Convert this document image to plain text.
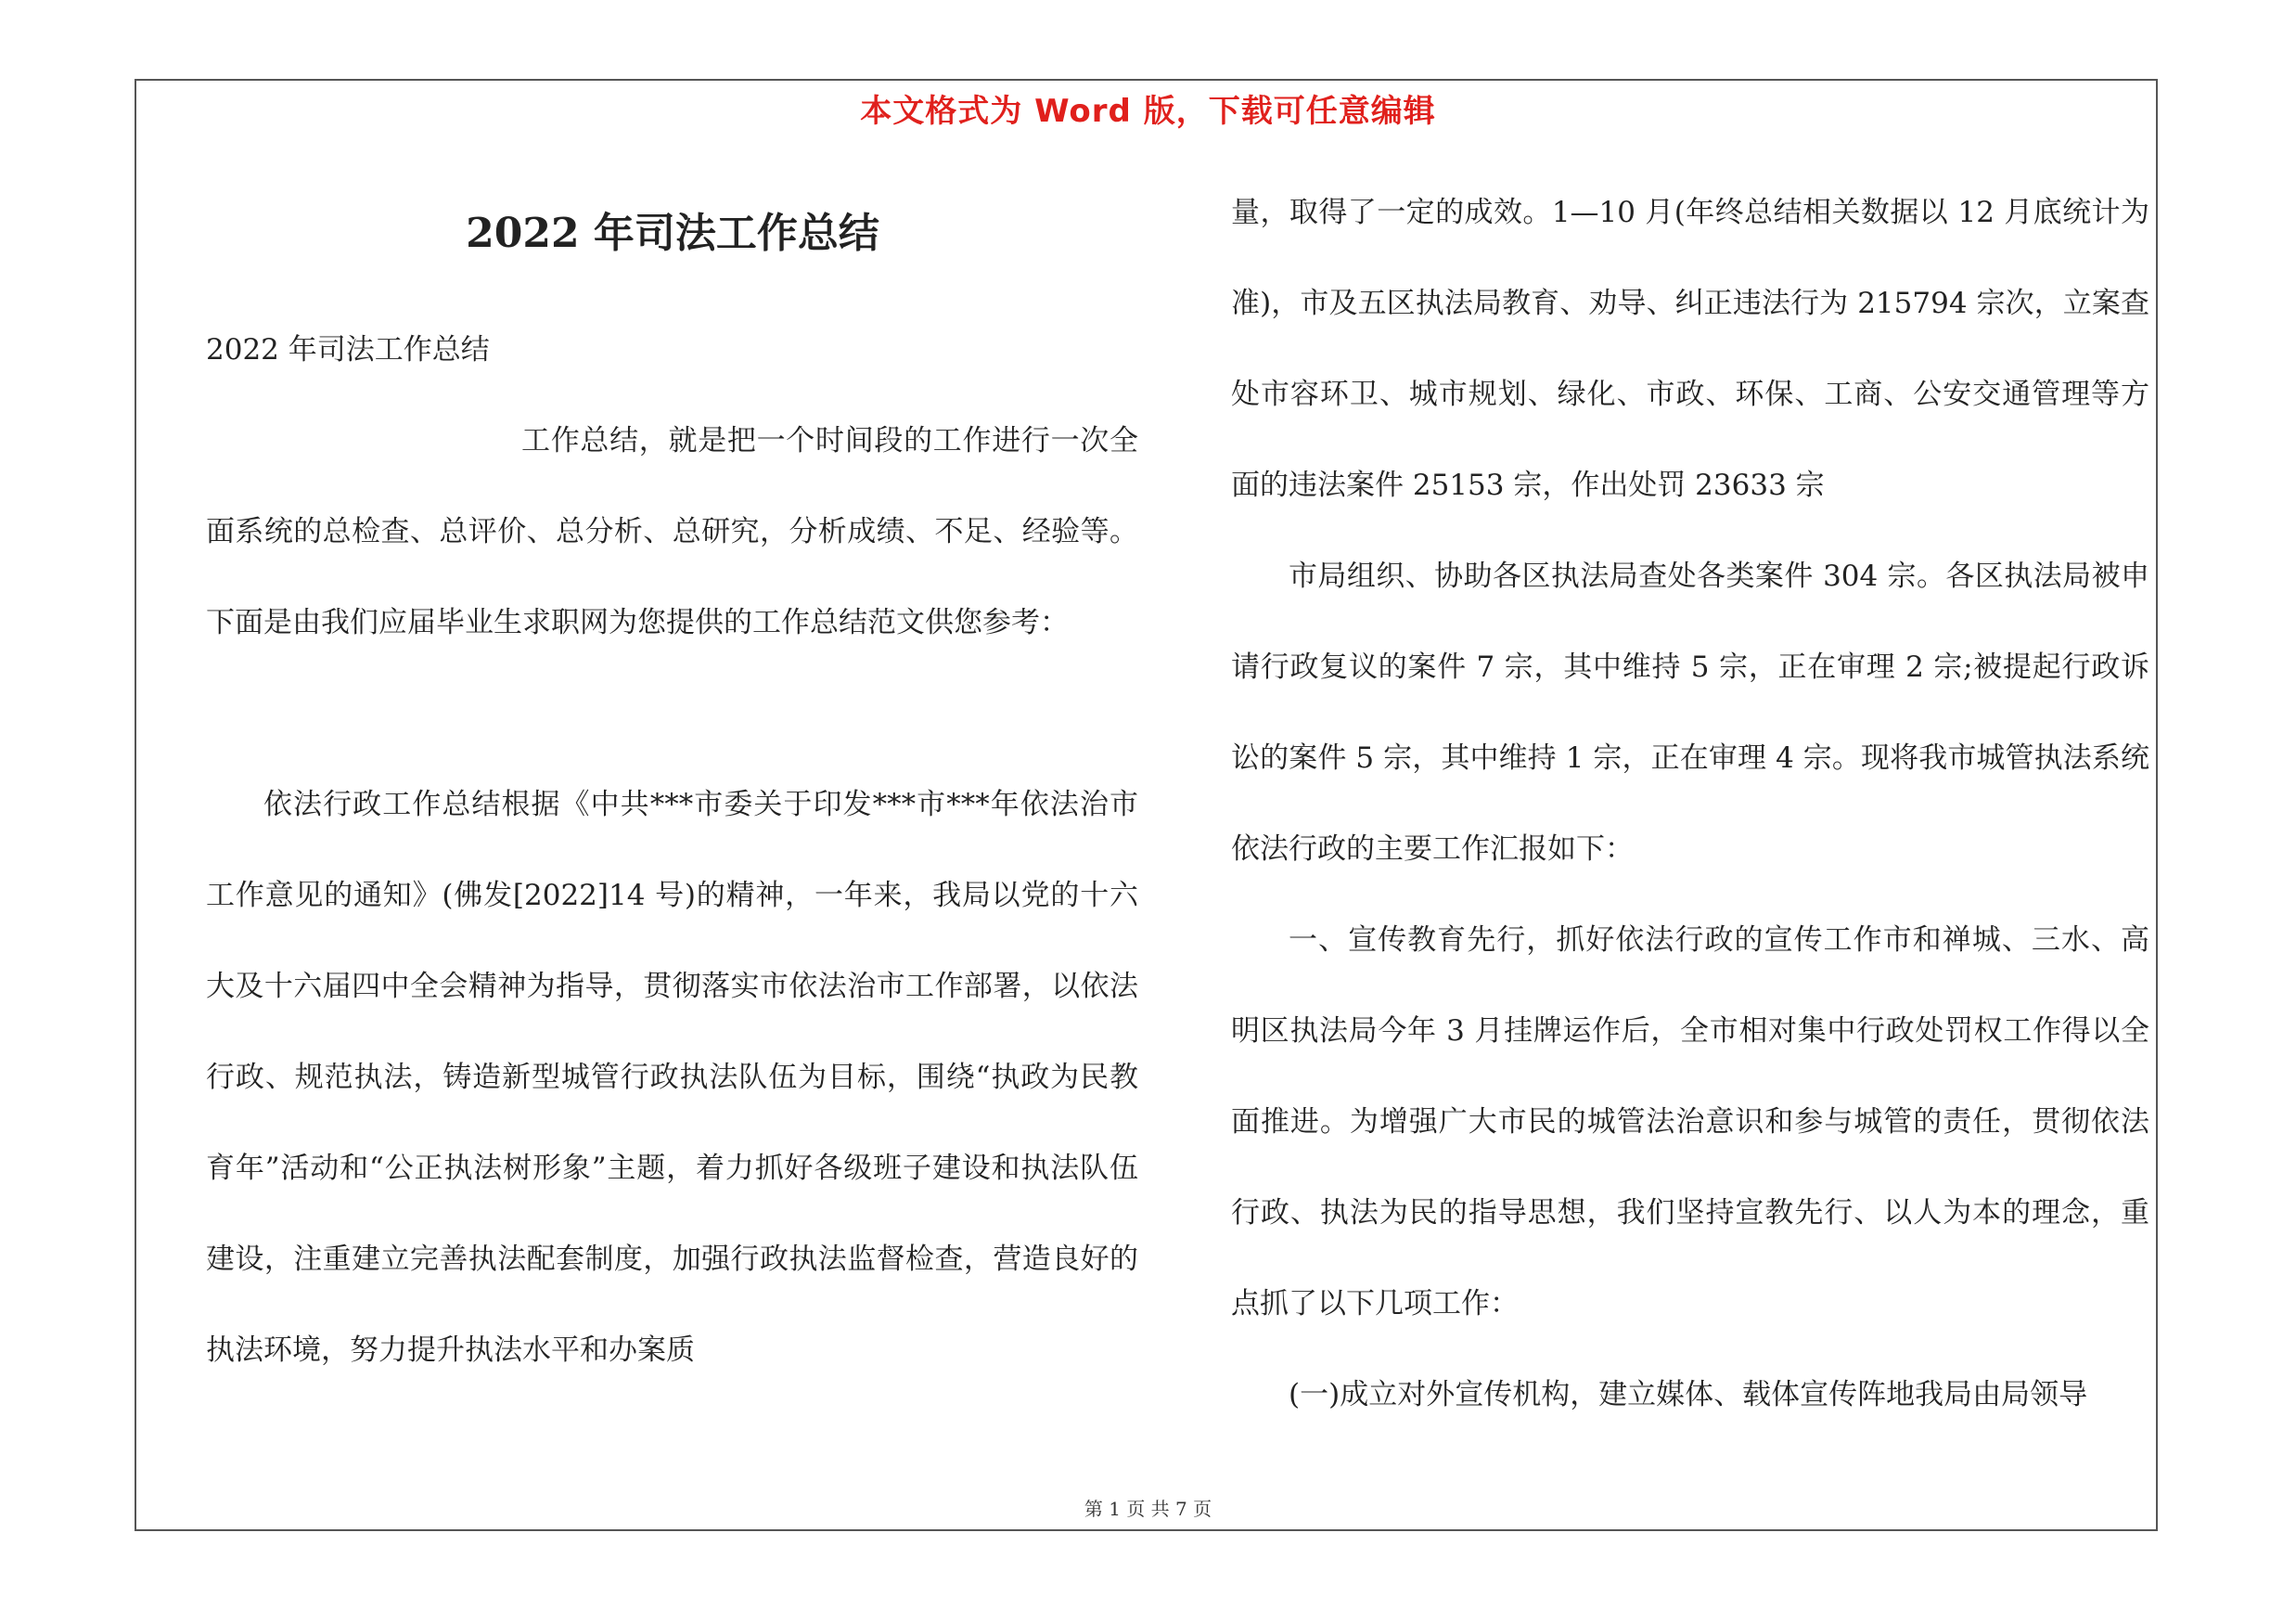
本文格式为 Word 版，下载可任意编辑
2022 年司法工作总结

2022 年司法工作总结

工作总结，就是把一个时间段的工作进行一次全面系统的总检查、总评价、总分析、总研究，分析成绩、不足、经验等。下面是由我们应届毕业生求职网为您提供的工作总结范文供您参考：

依法行政工作总结根据《中共***市委关于印发***市***年依法治市工作意见的通知》(佛发[2022]14 号)的精神，一年来，我局以党的十六大及十六届四中全会精神为指导，贯彻落实市依法治市工作部署，以依法行政、规范执法，铸造新型城管行政执法队伍为目标，围绕“执政为民教育年”活动和“公正执法树形象”主题，着力抓好各级班子建设和执法队伍建设，注重建立完善执法配套制度，加强行政执法监督检查，营造良好的执法环境，努力提升执法水平和办案质

量，取得了一定的成效。1—10 月(年终总结相关数据以 12 月底统计为准)，市及五区执法局教育、劝导、纠正违法行为 215794 宗次，立案查处市容环卫、城市规划、绿化、市政、环保、工商、公安交通管理等方面的违法案件 25153 宗，作出处罚 23633 宗

市局组织、协助各区执法局查处各类案件 304 宗。各区执法局被申请行政复议的案件 7 宗，其中维持 5 宗，正在审理 2 宗;被提起行政诉讼的案件 5 宗，其中维持 1 宗，正在审理 4 宗。现将我市城管执法系统依法行政的主要工作汇报如下：

一、宣传教育先行，抓好依法行政的宣传工作市和禅城、三水、高明区执法局今年 3 月挂牌运作后，全市相对集中行政处罚权工作得以全面推进。为增强广大市民的城管法治意识和参与城管的责任，贯彻依法行政、执法为民的指导思想，我们坚持宣教先行、以人为本的理念，重点抓了以下几项工作：

(一)成立对外宣传机构，建立媒体、载体宣传阵地我局由局领导

第 1 页 共 7 页
